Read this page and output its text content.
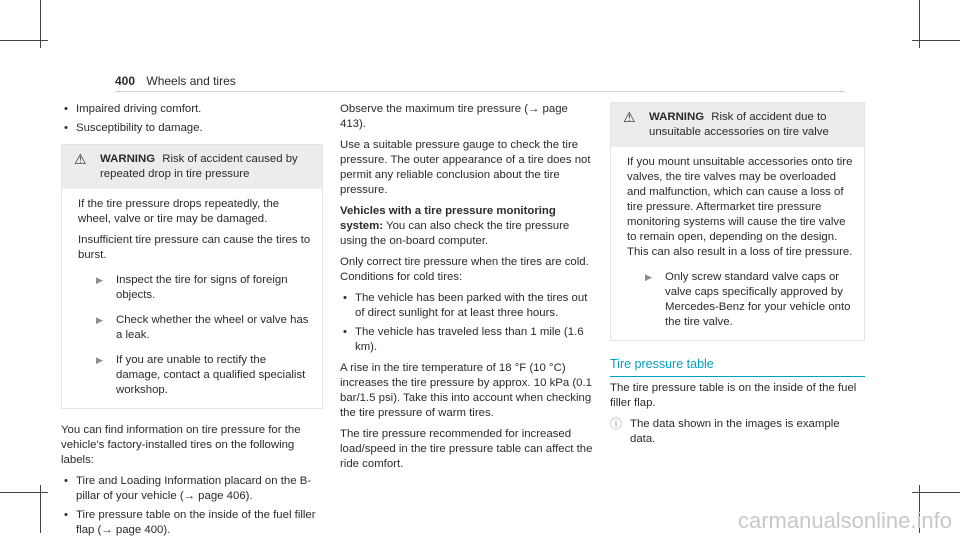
400 Wheels and tires
• Impaired driving comfort.
• Susceptibility to damage.
⚠ WARNING Risk of accident caused by repeated drop in tire pressure

If the tire pressure drops repeatedly, the wheel, valve or tire may be damaged.

Insufficient tire pressure can cause the tires to burst.

▶ Inspect the tire for signs of foreign objects.
▶ Check whether the wheel or valve has a leak.
▶ If you are unable to rectify the damage, contact a qualified specialist workshop.

You can find information on tire pressure for the vehicle's factory-installed tires on the following labels:

• Tire and Loading Information placard on the B-pillar of your vehicle (→ page 406).
• Tire pressure table on the inside of the fuel filler flap (→ page 400).

Observe the maximum tire pressure (→ page 413).

Use a suitable pressure gauge to check the tire pressure. The outer appearance of a tire does not permit any reliable conclusion about the tire pressure.

Vehicles with a tire pressure monitoring system: You can also check the tire pressure using the on-board computer.

Only correct tire pressure when the tires are cold. Conditions for cold tires:

• The vehicle has been parked with the tires out of direct sunlight for at least three hours.
• The vehicle has traveled less than 1 mile (1.6 km).

A rise in the tire temperature of 18 °F (10 °C) increases the tire pressure by approx. 10 kPa (0.1 bar/1.5 psi). Take this into account when checking the tire pressure of warm tires.

The tire pressure recommended for increased load/speed in the tire pressure table can affect the ride comfort.

⚠ WARNING Risk of accident due to unsuitable accessories on tire valve

If you mount unsuitable accessories onto tire valves, the tire valves may be overloaded and malfunction, which can cause a loss of tire pressure. Aftermarket tire pressure monitoring systems will cause the tire valve to remain open, depending on the design. This can also result in a loss of tire pressure.

▶ Only screw standard valve caps or valve caps specifically approved by Mercedes-Benz for your vehicle onto the tire valve.
Tire pressure table

The tire pressure table is on the inside of the fuel filler flap.

ⓘ The data shown in the images is example data.
carmanualsonline.info
